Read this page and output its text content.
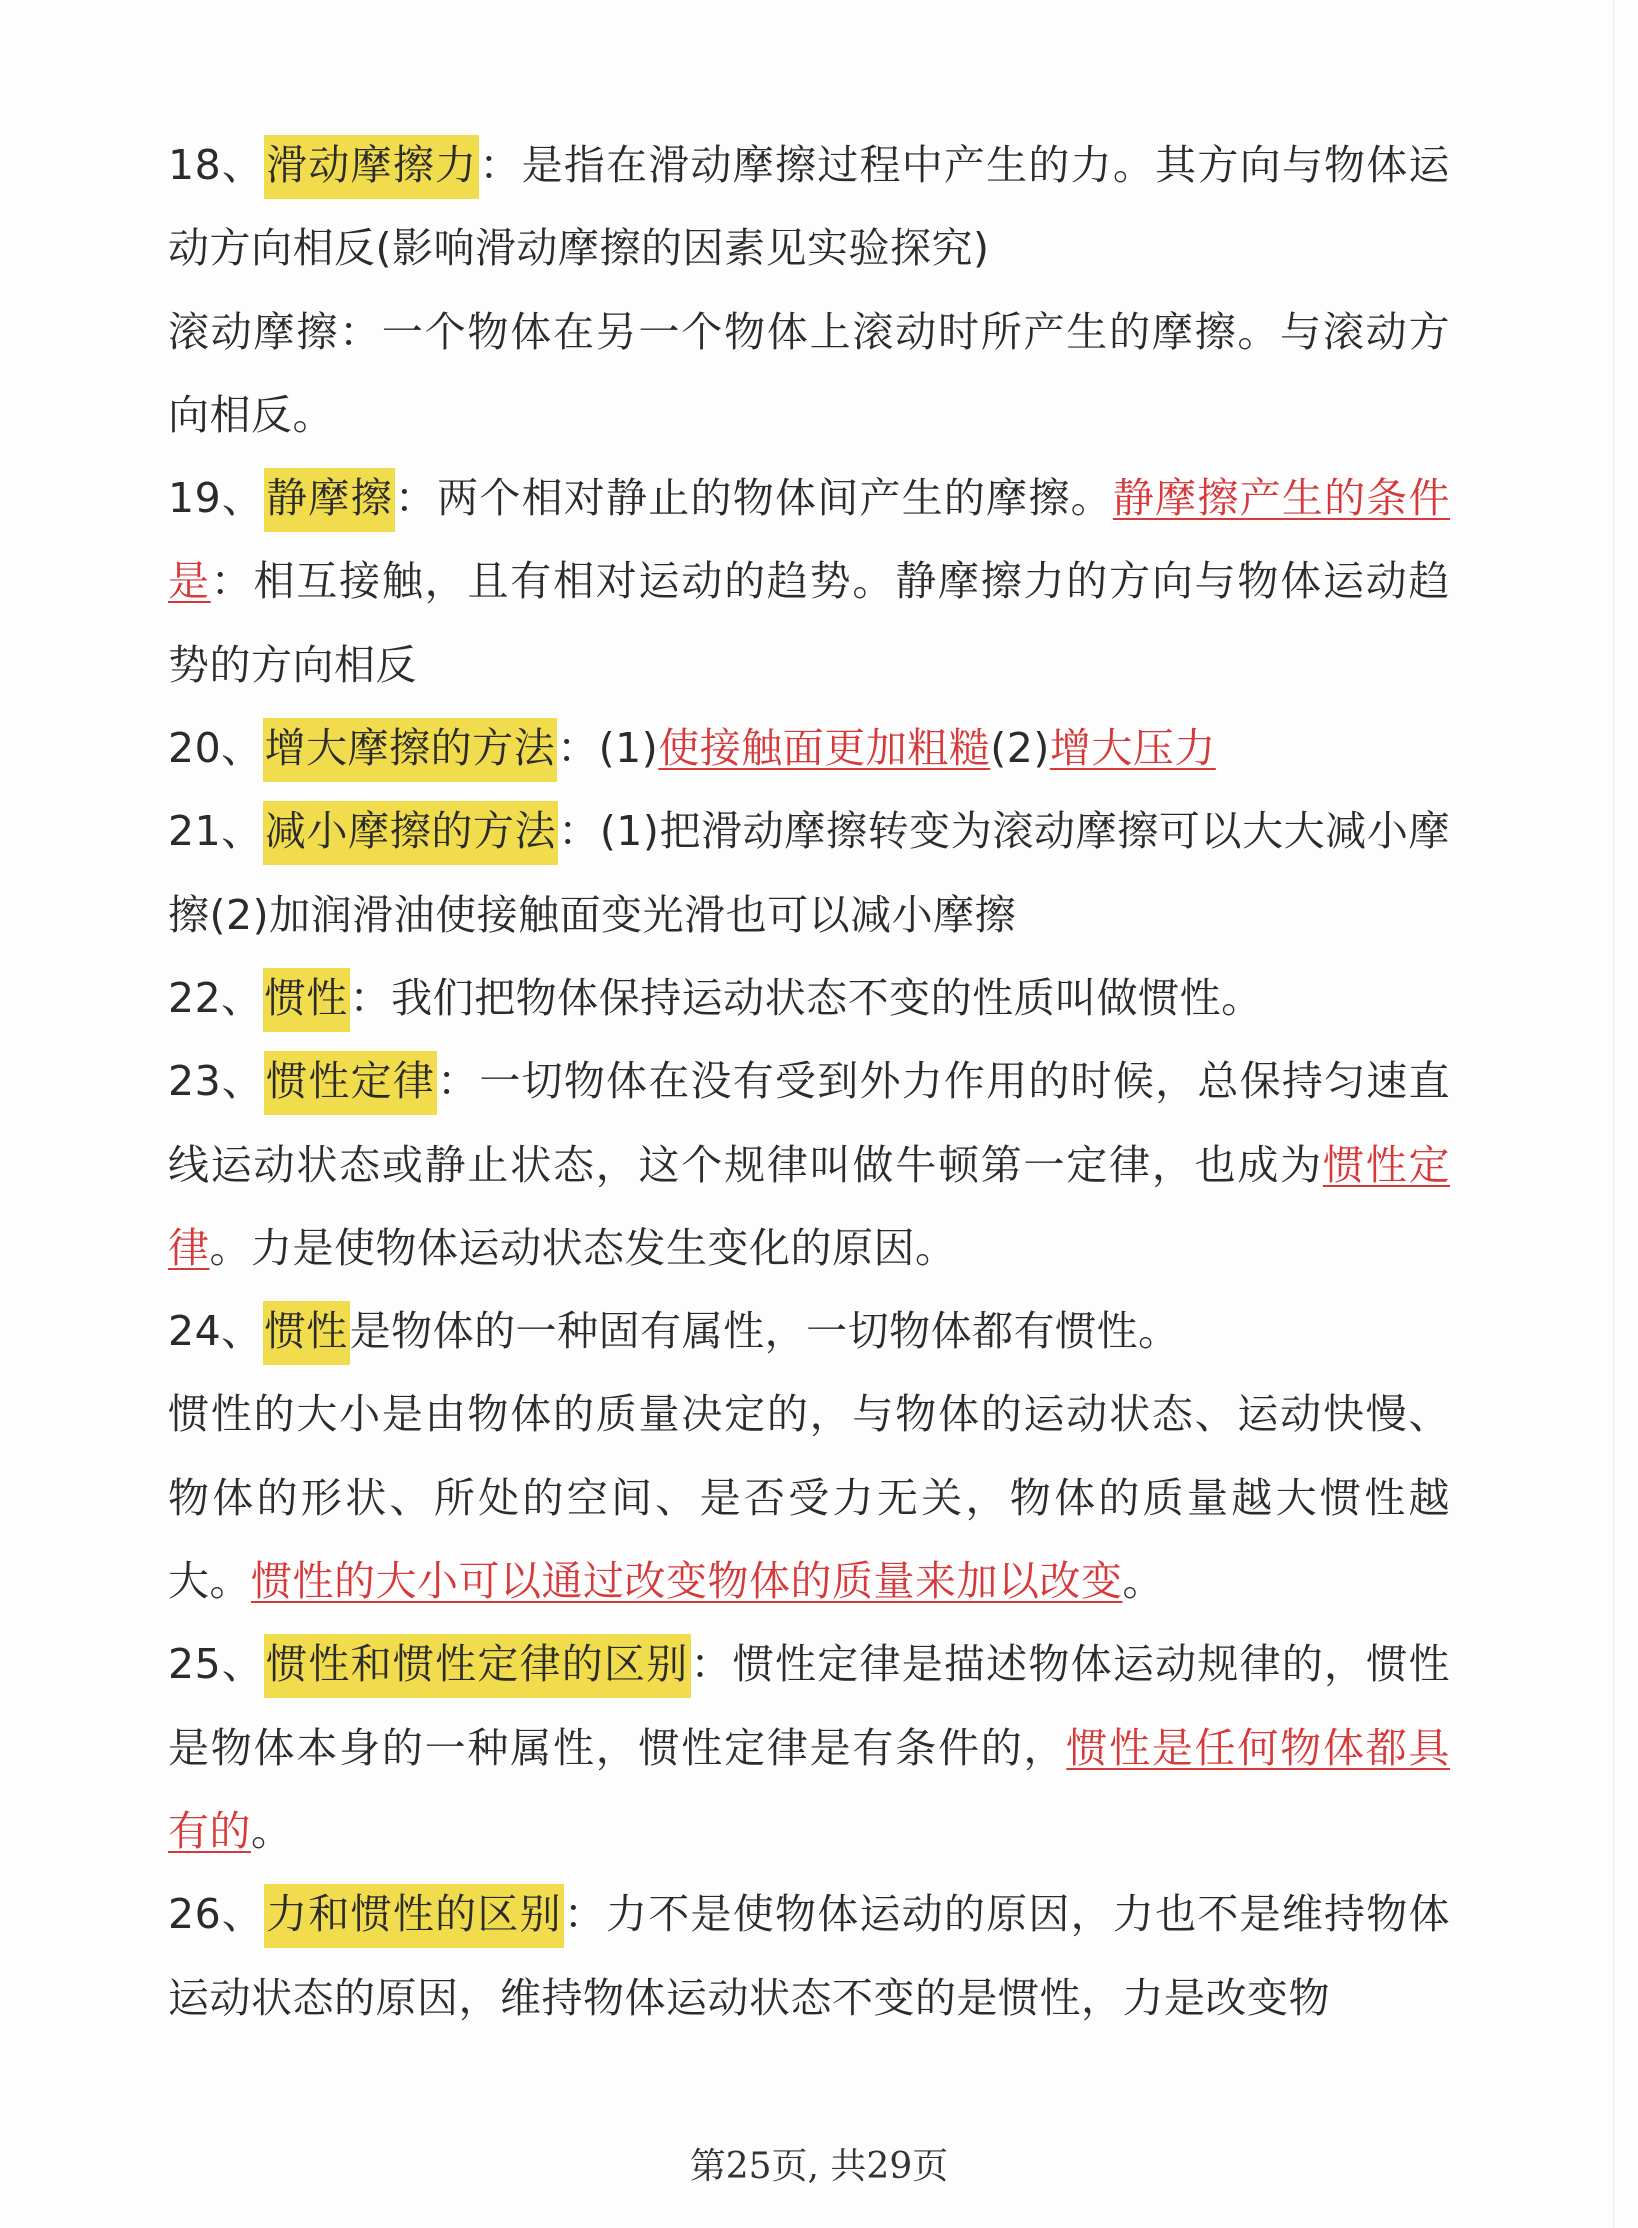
18、滑动摩擦力：是指在滑动摩擦过程中产生的力。其方向与物体运动方向相反(影响滑动摩擦的因素见实验探究)

滚动摩擦：一个物体在另一个物体上滚动时所产生的摩擦。与滚动方向相反。

19、静摩擦：两个相对静止的物体间产生的摩擦。静摩擦产生的条件是：相互接触，且有相对运动的趋势。静摩擦力的方向与物体运动趋势的方向相反

20、增大摩擦的方法：(1)使接触面更加粗糙(2)增大压力

21、减小摩擦的方法：(1)把滑动摩擦转变为滚动摩擦可以大大减小摩擦(2)加润滑油使接触面变光滑也可以减小摩擦

22、惯性：我们把物体保持运动状态不变的性质叫做惯性。

23、惯性定律：一切物体在没有受到外力作用的时候，总保持匀速直线运动状态或静止状态，这个规律叫做牛顿第一定律，也成为惯性定律。力是使物体运动状态发生变化的原因。

24、惯性是物体的一种固有属性，一切物体都有惯性。

惯性的大小是由物体的质量决定的，与物体的运动状态、运动快慢、物体的形状、所处的空间、是否受力无关，物体的质量越大惯性越大。惯性的大小可以通过改变物体的质量来加以改变。

25、惯性和惯性定律的区别：惯性定律是描述物体运动规律的，惯性是物体本身的一种属性，惯性定律是有条件的，惯性是任何物体都具有的。

26、力和惯性的区别：力不是使物体运动的原因，力也不是维持物体运动状态的原因，维持物体运动状态不变的是惯性，力是改变物

第25页, 共29页
